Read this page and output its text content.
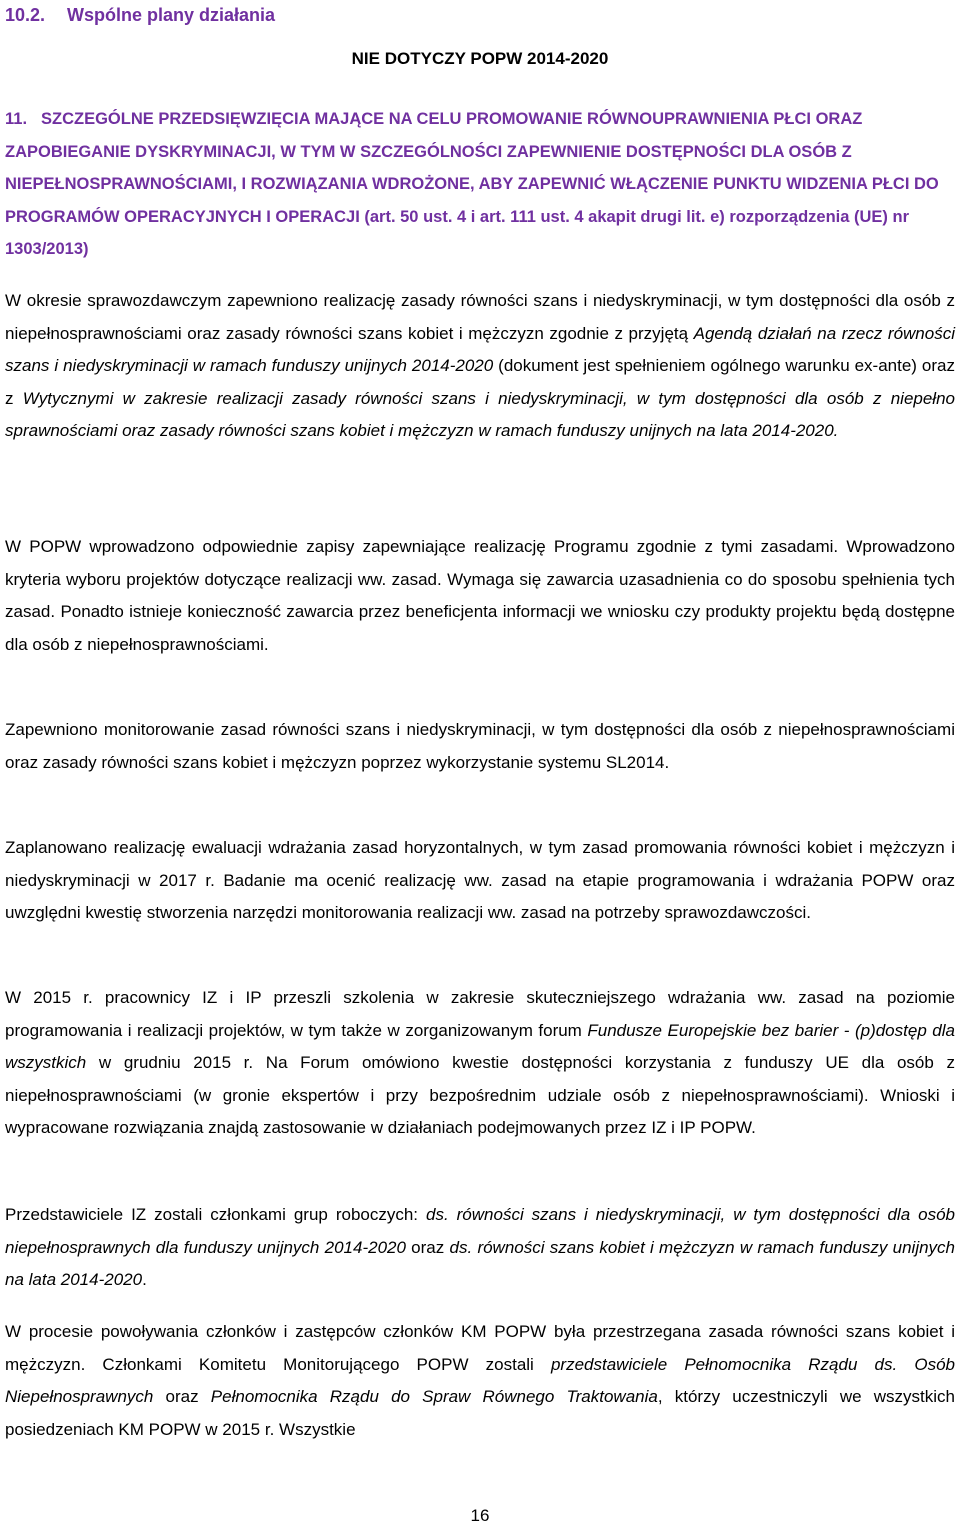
10.2. Wspólne plany działania
NIE DOTYCZY POPW 2014-2020
11. SZCZEGÓLNE PRZEDSIĘWZIĘCIA MAJĄCE NA CELU PROMOWANIE RÓWNOUPRAWNIENIA PŁCI ORAZ ZAPOBIEGANIE DYSKRYMINACJI, W TYM W SZCZEGÓLNOŚCI ZAPEWNIENIE DOSTĘPNOŚCI DLA OSÓB Z NIEPEŁNOSPRAWNOŚCIAMI, I ROZWIĄZANIA WDROŻONE, ABY ZAPEWNIĆ WŁĄCZENIE PUNKTU WIDZENIA PŁCI DO PROGRAMÓW OPERACYJNYCH I OPERACJI (art. 50 ust. 4 i art. 111 ust. 4 akapit drugi lit. e) rozporządzenia (UE) nr 1303/2013)

W okresie sprawozdawczym zapewniono realizację zasady równości szans i niedyskryminacji, w tym dostępności dla osób z niepełnosprawnościami oraz zasady równości szans kobiet i mężczyzn zgodnie z przyjętą Agendą działań na rzecz równości szans i niedyskryminacji w ramach funduszy unijnych 2014-2020 (dokument jest spełnieniem ogólnego warunku ex-ante) oraz z Wytycznymi w zakresie realizacji zasady równości szans i niedyskryminacji, w tym dostępności dla osób z niepełno sprawnościami oraz zasady równości szans kobiet i mężczyzn w ramach funduszy unijnych na lata 2014-2020.

W POPW wprowadzono odpowiednie zapisy zapewniające realizację Programu zgodnie z tymi zasadami. Wprowadzono kryteria wyboru projektów dotyczące realizacji ww. zasad. Wymaga się zawarcia uzasadnienia co do sposobu spełnienia tych zasad. Ponadto istnieje konieczność zawarcia przez beneficjenta informacji we wniosku czy produkty projektu będą dostępne dla osób z niepełnosprawnościami.

Zapewniono monitorowanie zasad równości szans i niedyskryminacji, w tym dostępności dla osób z niepełnosprawnościami oraz zasady równości szans kobiet i mężczyzn poprzez wykorzystanie systemu SL2014.

Zaplanowano realizację ewaluacji wdrażania zasad horyzontalnych, w tym zasad promowania równości kobiet i mężczyzn i niedyskryminacji w 2017 r. Badanie ma ocenić realizację ww. zasad na etapie programowania i wdrażania POPW oraz uwzględni kwestię stworzenia narzędzi monitorowania realizacji ww. zasad na potrzeby sprawozdawczości.

W 2015 r. pracownicy IZ i IP przeszli szkolenia w zakresie skuteczniejszego wdrażania ww. zasad na poziomie programowania i realizacji projektów, w tym także w zorganizowanym forum Fundusze Europejskie bez barier - (p)dostęp dla wszystkich w grudniu 2015 r. Na Forum omówiono kwestie dostępności korzystania z funduszy UE dla osób z niepełnosprawnościami (w gronie ekspertów i przy bezpośrednim udziale osób z niepełnosprawnościami). Wnioski i wypracowane rozwiązania znajdą zastosowanie w działaniach podejmowanych przez IZ i IP POPW.

Przedstawiciele IZ zostali członkami grup roboczych: ds. równości szans i niedyskryminacji, w tym dostępności dla osób niepełnosprawnych dla funduszy unijnych 2014-2020 oraz ds. równości szans kobiet i mężczyzn w ramach funduszy unijnych na lata 2014-2020.

W procesie powoływania członków i zastępców członków KM POPW była przestrzegana zasada równości szans kobiet i mężczyzn. Członkami Komitetu Monitorującego POPW zostali przedstawiciele Pełnomocnika Rządu ds. Osób Niepełnosprawnych oraz Pełnomocnika Rządu do Spraw Równego Traktowania, którzy uczestniczyli we wszystkich posiedzeniach KM POPW w 2015 r. Wszystkie

16
